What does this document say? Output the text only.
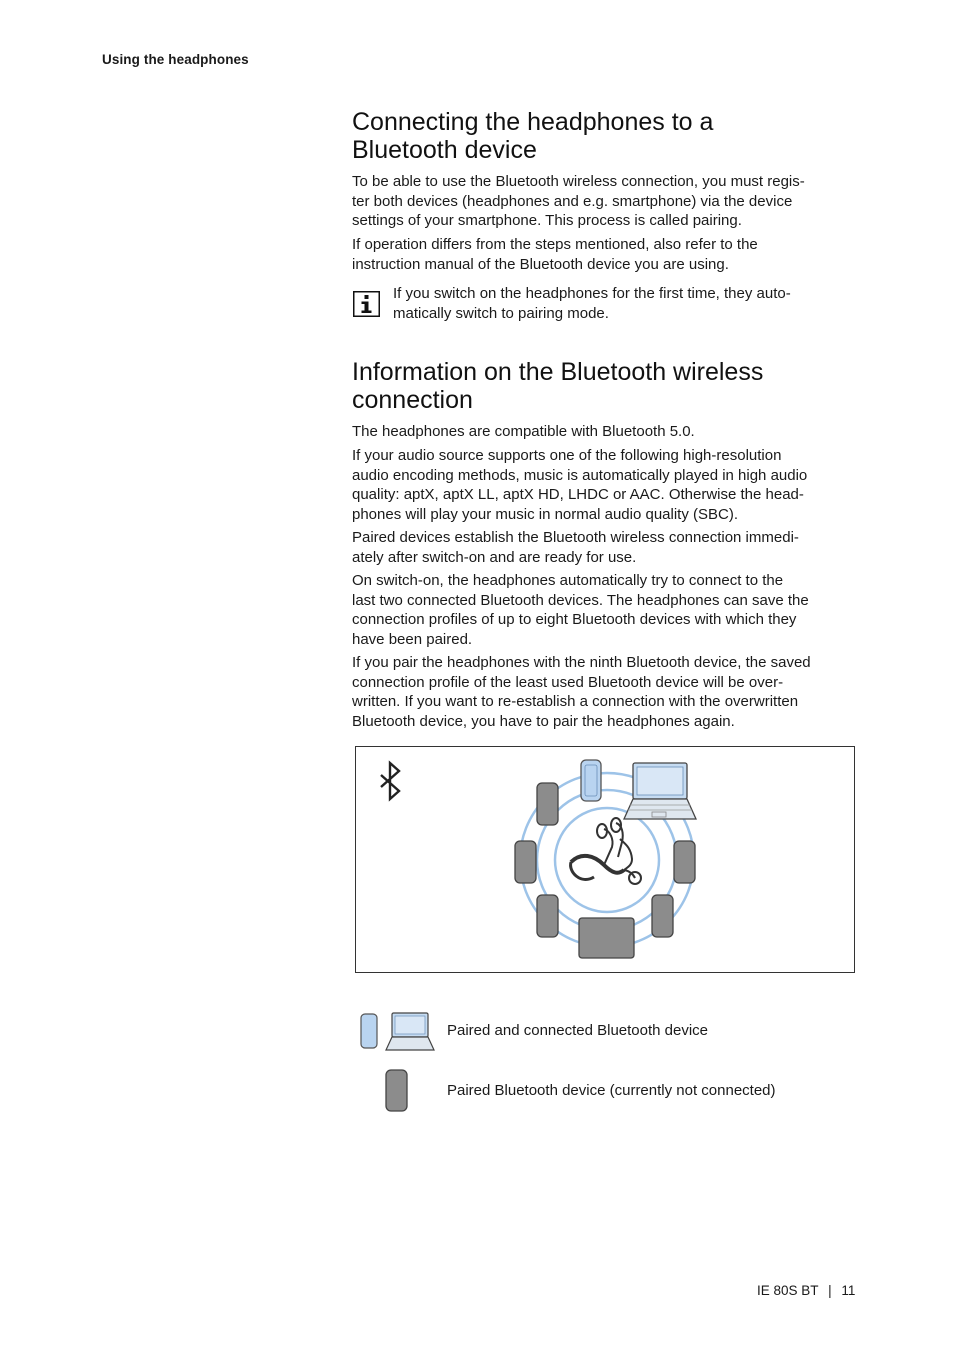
Using the headphones
Connecting the headphones to a
Bluetooth device

To be able to use the Bluetooth wireless connection, you must regis-
ter both devices (headphones and e.g. smartphone) via the device
settings of your smartphone. This process is called pairing.

If operation differs from the steps mentioned, also refer to the
instruction manual of the Bluetooth device you are using.

If you switch on the headphones for the first time, they auto-
matically switch to pairing mode.

Information on the Bluetooth wireless
connection

The headphones are compatible with Bluetooth 5.0.

If your audio source supports one of the following high-resolution
audio encoding methods, music is automatically played in high audio
quality: aptX, aptX LL, aptX HD, LHDC or AAC. Otherwise the head-
phones will play your music in normal audio quality (SBC).

Paired devices establish the Bluetooth wireless connection immedi-
ately after switch-on and are ready for use.

On switch-on, the headphones automatically try to connect to the
last two connected Bluetooth devices. The headphones can save the
connection profiles of up to eight Bluetooth devices with which they
have been paired.

If you pair the headphones with the ninth Bluetooth device, the saved
connection profile of the least used Bluetooth device will be over-
written. If you want to re-establish a connection with the overwritten
Bluetooth device, you have to pair the headphones again.

Paired and connected Bluetooth device
Paired Bluetooth device (currently not connected)
IE 80S BT | 11
